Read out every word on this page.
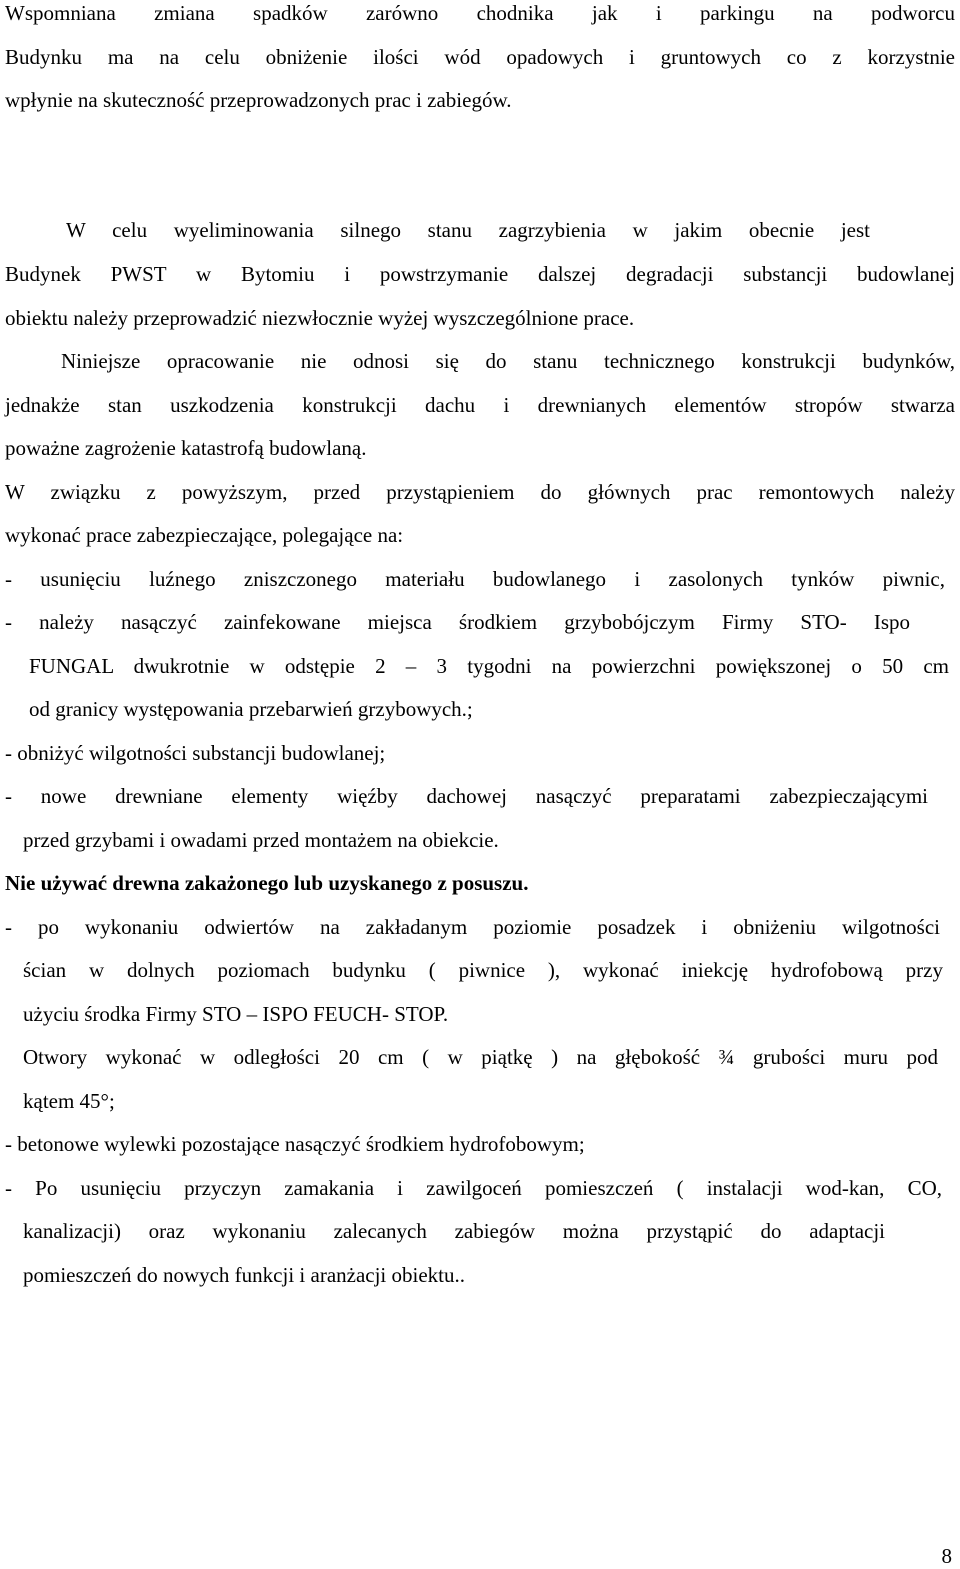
Wspomniana zmiana spadków zarówno chodnika jak i parkingu na podworcu
Budynku ma na celu obniżenie ilości wód opadowych i gruntowych co z korzystnie
wpłynie na skuteczność przeprowadzonych prac i zabiegów.
W celu wyeliminowania silnego stanu zagrzybienia w jakim obecnie jest
Budynek PWST w Bytomiu i powstrzymanie dalszej degradacji substancji budowlanej
obiektu należy przeprowadzić niezwłocznie wyżej wyszczególnione prace.
Niniejsze opracowanie nie odnosi się do stanu technicznego konstrukcji budynków,
jednakże stan uszkodzenia konstrukcji dachu i drewnianych elementów stropów stwarza
poważne zagrożenie katastrofą budowlaną.
W związku z powyższym, przed przystąpieniem do głównych prac remontowych należy
wykonać prace zabezpieczające, polegające na:
- usunięciu luźnego zniszczonego materiału budowlanego i zasolonych tynków piwnic,
- należy nasączyć zainfekowane miejsca środkiem grzybobójczym Firmy STO- Ispo
FUNGAL dwukrotnie w odstępie 2 – 3 tygodni na powierzchni powiększonej o 50 cm
od granicy występowania przebarwień grzybowych.;
- obniżyć wilgotności substancji budowlanej;
- nowe drewniane elementy więźby dachowej nasączyć preparatami zabezpieczającymi
przed grzybami i owadami przed montażem na obiekcie.
Nie używać drewna zakażonego lub uzyskanego z posuszu.
- po wykonaniu odwiertów na zakładanym poziomie posadzek i obniżeniu wilgotności
ścian w dolnych poziomach budynku ( piwnice ), wykonać iniekcję hydrofobową przy
użyciu środka Firmy STO – ISPO FEUCH- STOP.
Otwory wykonać w odległości 20 cm ( w piątkę ) na głębokość ¾ grubości muru pod
kątem 45°;
- betonowe wylewki pozostające nasączyć środkiem hydrofobowym;
- Po usunięciu przyczyn zamakania i zawilgoceń pomieszczeń ( instalacji wod-kan, CO,
kanalizacji) oraz wykonaniu zalecanych zabiegów można przystąpić do adaptacji
pomieszczeń do nowych funkcji i aranżacji obiektu..
8
